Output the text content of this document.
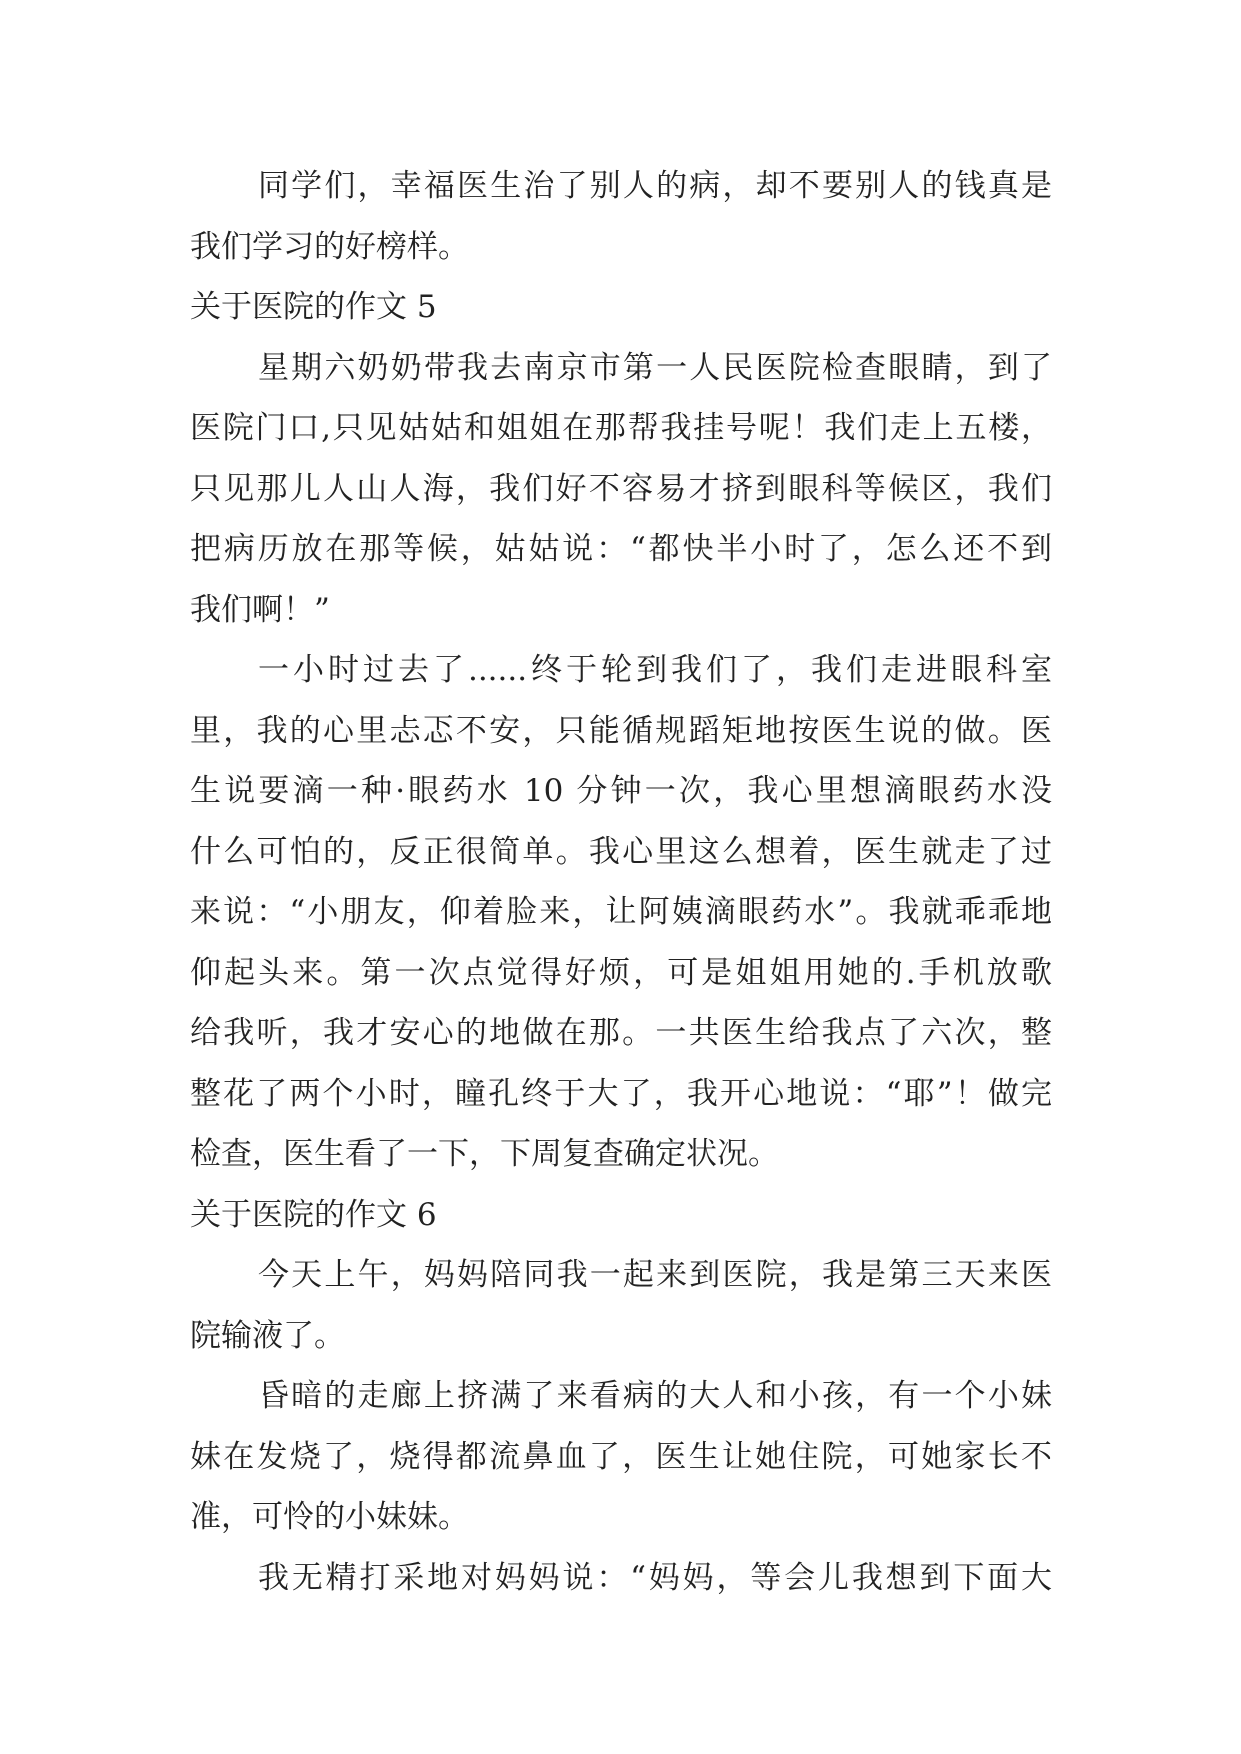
同学们，幸福医生治了别人的病，却不要别人的钱真是
我们学习的好榜样。
关于医院的作文 5
星期六奶奶带我去南京市第一人民医院检查眼睛，到了
医院门口,只见姑姑和姐姐在那帮我挂号呢！我们走上五楼，
只见那儿人山人海，我们好不容易才挤到眼科等候区，我们
把病历放在那等候，姑姑说：“都快半小时了，怎么还不到
我们啊！”
一小时过去了......终于轮到我们了，我们走进眼科室
里，我的心里忐忑不安，只能循规蹈矩地按医生说的做。医
生说要滴一种·眼药水 10 分钟一次，我心里想滴眼药水没
什么可怕的，反正很简单。我心里这么想着，医生就走了过
来说：“小朋友，仰着脸来，让阿姨滴眼药水”。我就乖乖地
仰起头来。第一次点觉得好烦，可是姐姐用她的.手机放歌
给我听，我才安心的地做在那。一共医生给我点了六次，整
整花了两个小时，瞳孔终于大了，我开心地说：“耶”！做完
检查，医生看了一下，下周复查确定状况。
关于医院的作文 6
今天上午，妈妈陪同我一起来到医院，我是第三天来医
院输液了。
昏暗的走廊上挤满了来看病的大人和小孩，有一个小妹
妹在发烧了，烧得都流鼻血了，医生让她住院，可她家长不
准，可怜的小妹妹。
我无精打采地对妈妈说：“妈妈，等会儿我想到下面大
